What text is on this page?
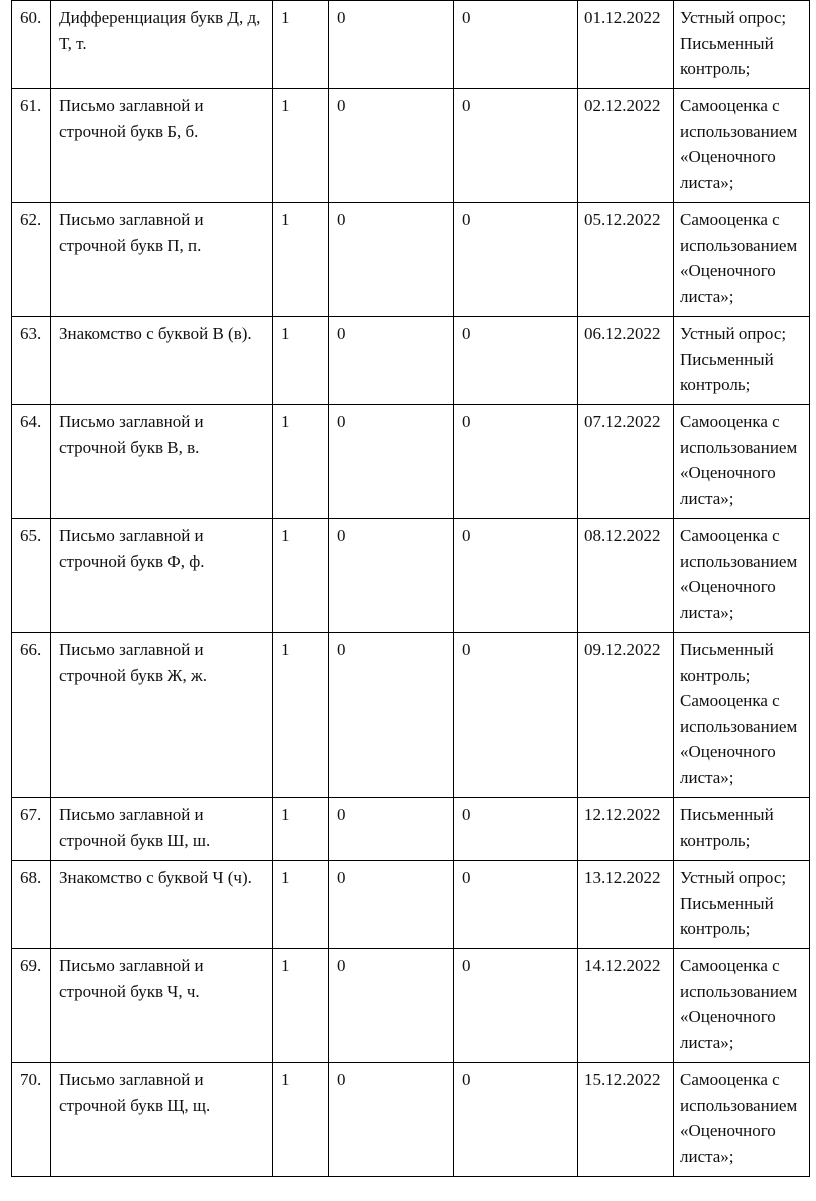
60.	Дифференциация букв Д, д, Т, т.	1	0	0	01.12.2022	Устный опрос; Письменный контроль;
61.	Письмо заглавной и строчной букв Б, б.	1	0	0	02.12.2022	Самооценка с использованием «Оценочного листа»;
62.	Письмо заглавной и строчной букв П, п.	1	0	0	05.12.2022	Самооценка с использованием «Оценочного листа»;
63.	Знакомство с буквой В (в).	1	0	0	06.12.2022	Устный опрос; Письменный контроль;
64.	Письмо заглавной и строчной букв В, в.	1	0	0	07.12.2022	Самооценка с использованием «Оценочного листа»;
65.	Письмо заглавной и строчной букв Ф, ф.	1	0	0	08.12.2022	Самооценка с использованием «Оценочного листа»;
66.	Письмо заглавной и строчной букв Ж, ж.	1	0	0	09.12.2022	Письменный контроль; Самооценка с использованием «Оценочного листа»;
67.	Письмо заглавной и строчной букв Ш, ш.	1	0	0	12.12.2022	Письменный контроль;
68.	Знакомство с буквой Ч (ч).	1	0	0	13.12.2022	Устный опрос; Письменный контроль;
69.	Письмо заглавной и строчной букв Ч, ч.	1	0	0	14.12.2022	Самооценка с использованием «Оценочного листа»;
70.	Письмо заглавной и строчной букв Щ, щ.	1	0	0	15.12.2022	Самооценка с использованием «Оценочного листа»;
